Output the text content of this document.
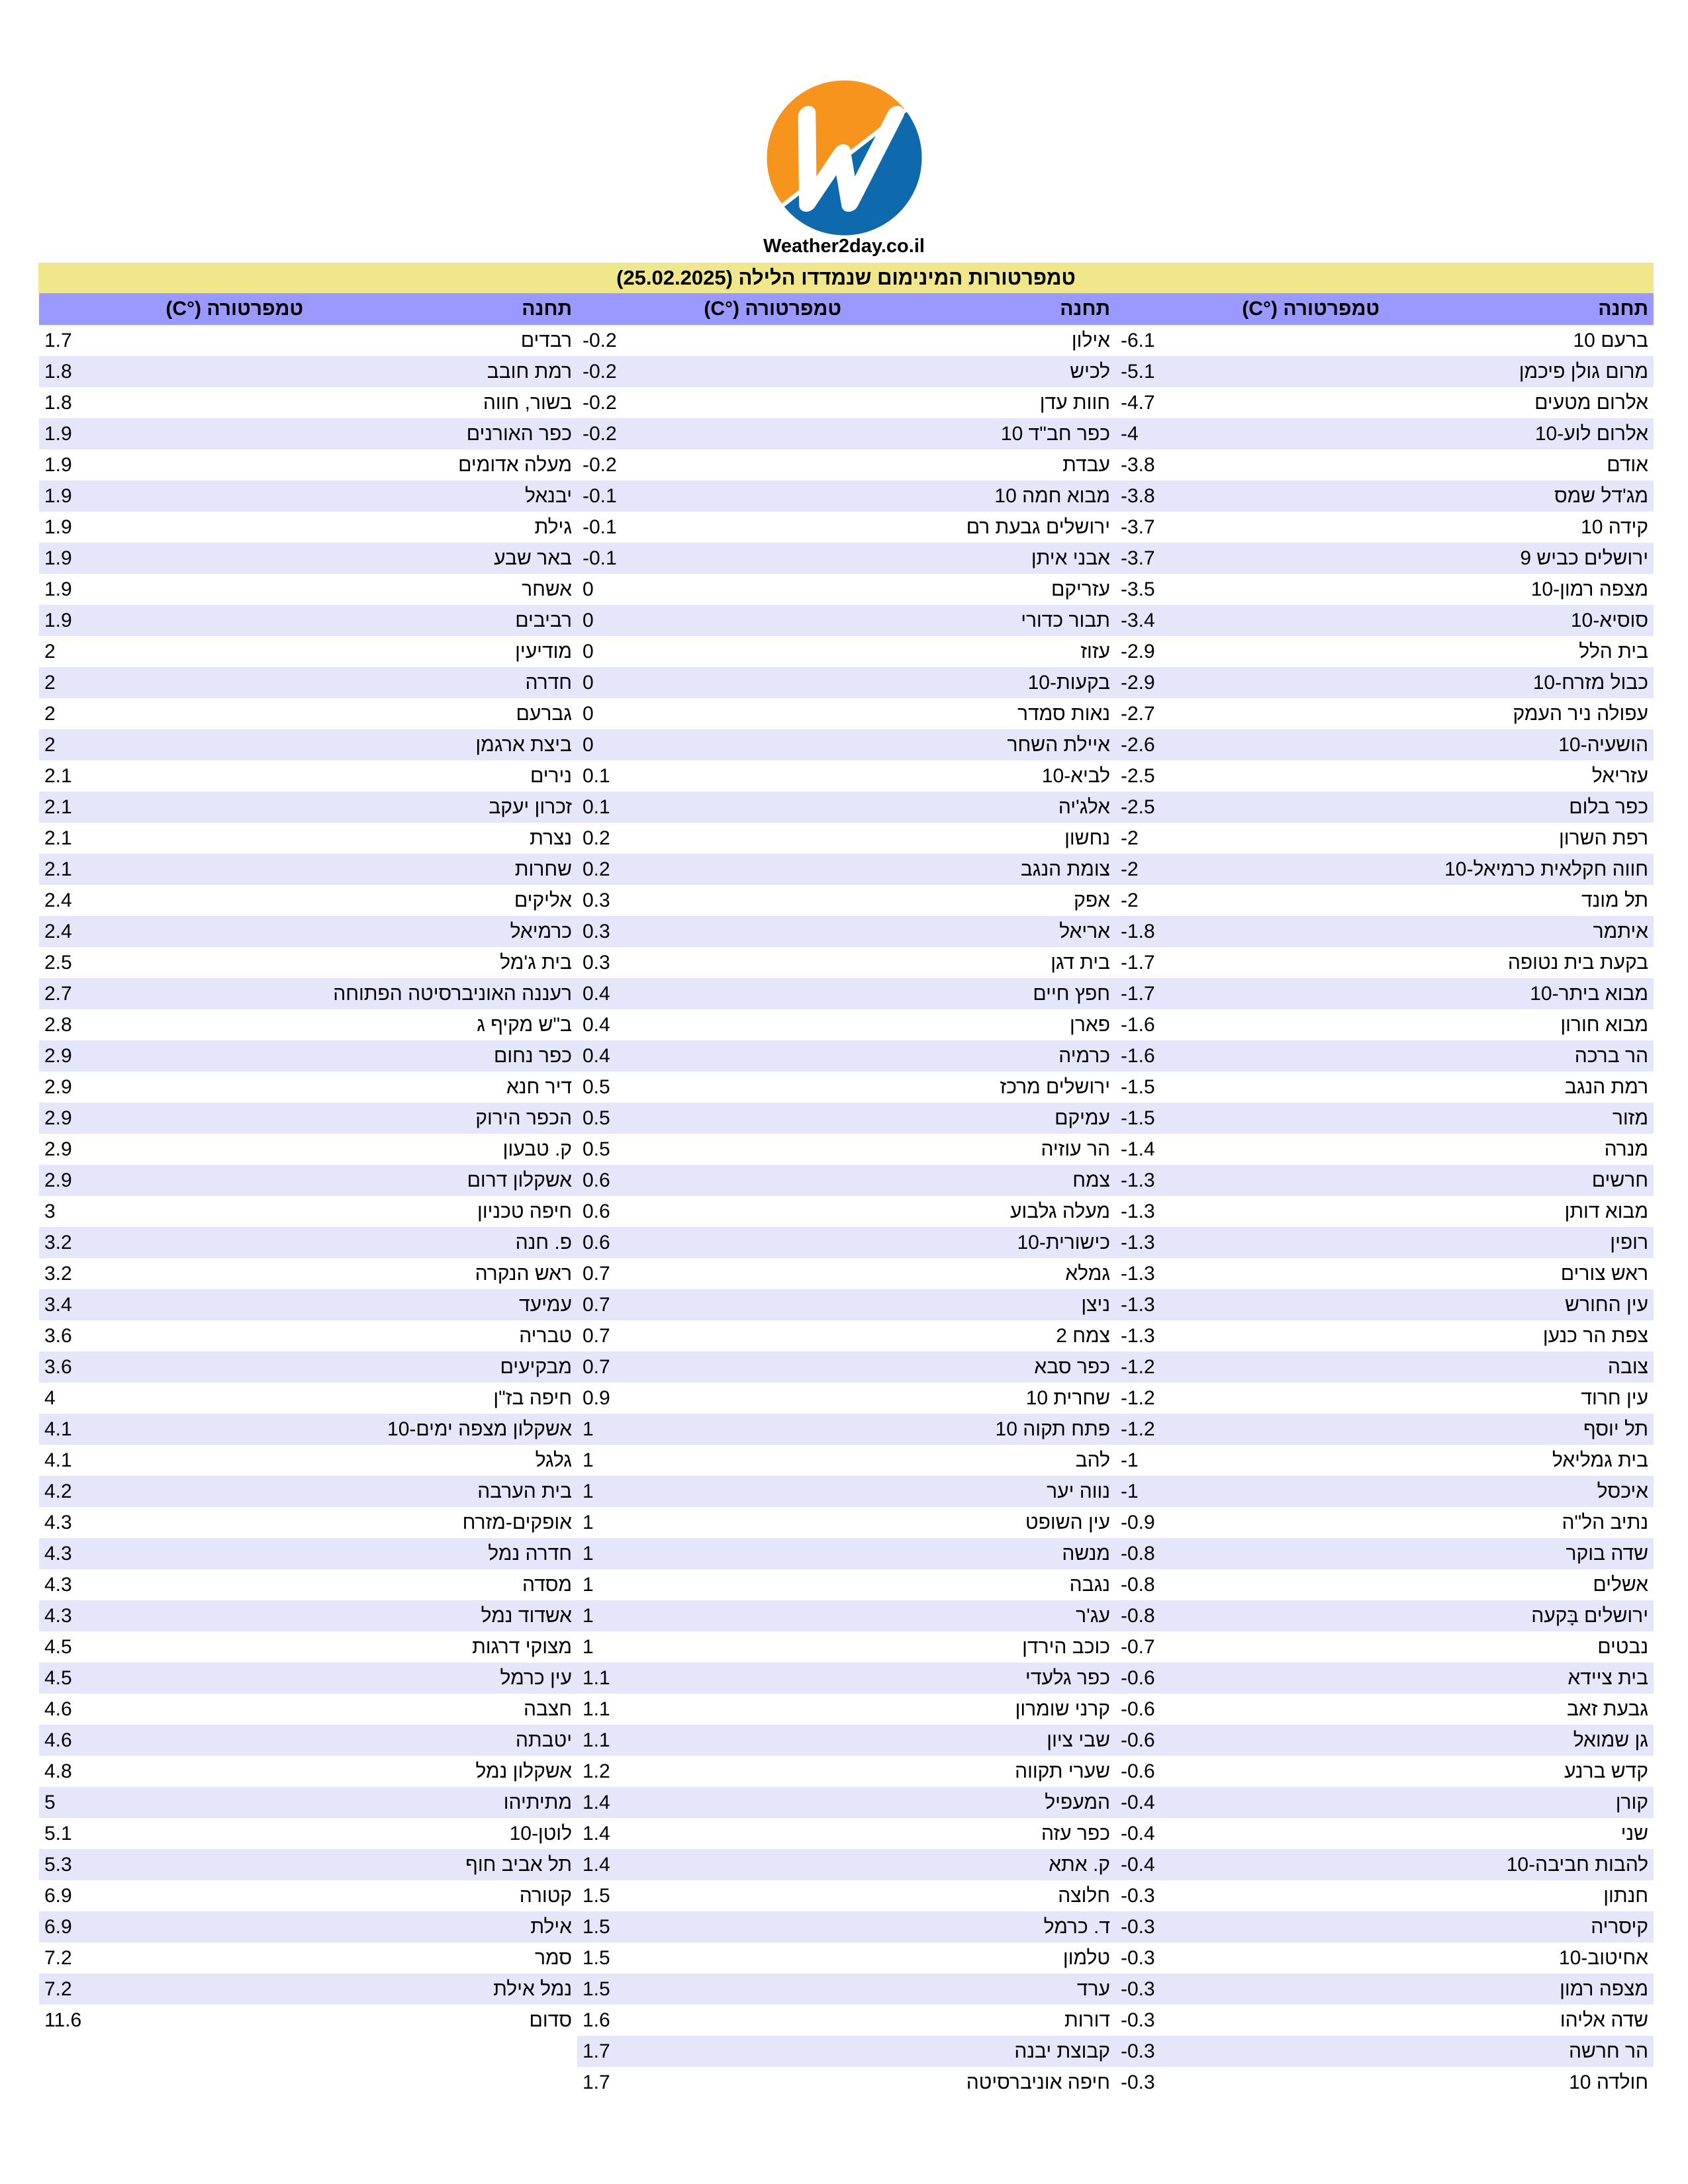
Weather2day.co.il
טמפרטורות המינימום שנמדדו הלילה (25.02.2025)
תחנה
טמפרטורה (°C)
ברעם 10
-6.1
מרום גולן פיכמן
-5.1
אלרום מטעים
-4.7
אלרום לוע-10
-4
אודם
-3.8
מג'דל שמס
-3.8
קידה 10
-3.7
ירושלים כביש 9
-3.7
מצפה רמון-10
-3.5
סוסיא-10
-3.4
בית הלל
-2.9
כבול מזרח-10
-2.9
עפולה ניר העמק
-2.7
הושעיה-10
-2.6
עזריאל
-2.5
כפר בלום
-2.5
רפת השרון
-2
חווה חקלאית כרמיאל-10
-2
תל מונד
-2
איתמר
-1.8
בקעת בית נטופה
-1.7
מבוא ביתר-10
-1.7
מבוא חורון
-1.6
הר ברכה
-1.6
רמת הנגב
-1.5
מזור
-1.5
מנרה
-1.4
חרשים
-1.3
מבוא דותן
-1.3
רופין
-1.3
ראש צורים
-1.3
עין החורש
-1.3
צפת הר כנען
-1.3
צובה
-1.2
עין חרוד
-1.2
תל יוסף
-1.2
בית גמליאל
-1
איכסל
-1
נתיב הל"ה
-0.9
שדה בוקר
-0.8
אשלים
-0.8
ירושלים בָּקעה
-0.8
נבטים
-0.7
בית ציידא
-0.6
גבעת זאב
-0.6
גן שמואל
-0.6
קדש ברנע
-0.6
קורן
-0.4
שני
-0.4
להבות חביבה-10
-0.4
חנתון
-0.3
קיסריה
-0.3
אחיטוב-10
-0.3
מצפה רמון
-0.3
שדה אליהו
-0.3
הר חרשה
-0.3
חולדה 10
-0.3
תחנה
טמפרטורה (°C)
אילון
-0.2
לכיש
-0.2
חוות עדן
-0.2
כפר חב"ד 10
-0.2
עבדת
-0.2
מבוא חמה 10
-0.1
ירושלים גבעת רם
-0.1
אבני איתן
-0.1
עזריקם
0
תבור כדורי
0
עזוז
0
בקעות-10
0
נאות סמדר
0
איילת השחר
0
לביא-10
0.1
אלג'יה
0.1
נחשון
0.2
צומת הנגב
0.2
אפק
0.3
אריאל
0.3
בית דגן
0.3
חפץ חיים
0.4
פארן
0.4
כרמיה
0.4
ירושלים מרכז
0.5
עמיקם
0.5
הר עוזיה
0.5
צמח
0.6
מעלה גלבוע
0.6
כישורית-10
0.6
גמלא
0.7
ניצן
0.7
2 צמח
0.7
כפר סבא
0.7
שחרית 10
0.9
פתח תקוה 10
1
להב
1
נווה יער
1
עין השופט
1
מנשה
1
נגבה
1
עג'ר
1
כוכב הירדן
1
כפר גלעדי
1.1
קרני שומרון
1.1
שבי ציון
1.1
שערי תקווה
1.2
המעפיל
1.4
כפר עזה
1.4
ק. אתא
1.4
חלוצה
1.5
ד. כרמל
1.5
טלמון
1.5
ערד
1.5
דורות
1.6
קבוצת יבנה
1.7
חיפה אוניברסיטה
1.7
תחנה
טמפרטורה (°C)
רבדים
1.7
רמת חובב
1.8
בשור, חווה
1.8
כפר האורנים
1.9
מעלה אדומים
1.9
יבנאל
1.9
גילת
1.9
באר שבע
1.9
אשחר
1.9
רביבים
1.9
מודיעין
2
חדרה
2
גברעם
2
ביצת ארגמן
2
נירים
2.1
זכרון יעקב
2.1
נצרת
2.1
שחרות
2.1
אליקים
2.4
כרמיאל
2.4
בית ג'מל
2.5
רעננה האוניברסיטה הפתוחה
2.7
ב"ש מקיף ג
2.8
כפר נחום
2.9
דיר חנא
2.9
הכפר הירוק
2.9
ק. טבעון
2.9
אשקלון דרום
2.9
חיפה טכניון
3
פ. חנה
3.2
ראש הנקרה
3.2
עמיעד
3.4
טבריה
3.6
מבקיעים
3.6
חיפה בז"ן
4
אשקלון מצפה ימים-10
4.1
גלגל
4.1
בית הערבה
4.2
אופקים-מזרח
4.3
חדרה נמל
4.3
מסדה
4.3
אשדוד נמל
4.3
מצוקי דרגות
4.5
עין כרמל
4.5
חצבה
4.6
יטבתה
4.6
אשקלון נמל
4.8
מתיתיהו
5
לוטן-10
5.1
תל אביב חוף
5.3
קטורה
6.9
אילת
6.9
סמר
7.2
נמל אילת
7.2
סדום
11.6
